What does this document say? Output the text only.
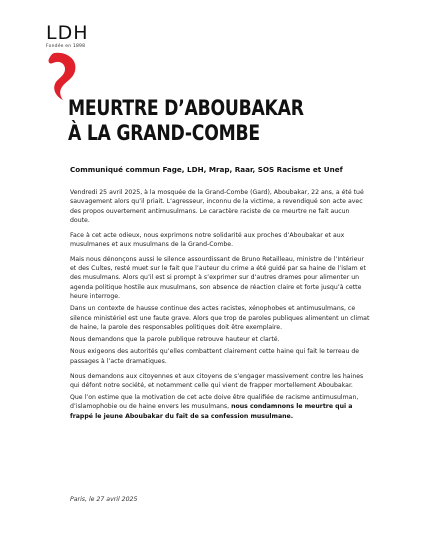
LDH
Fondée en 1898
MEURTRE D’ABOUBAKAR
À LA GRAND-COMBE
Communiqué commun Fage, LDH, Mrap, Raar, SOS Racisme et Unef

Vendredi 25 avril 2025, à la mosquée de la Grand-Combe (Gard), Aboubakar, 22 ans, a été tué sauvagement alors qu’il priait. L’agresseur, inconnu de la victime, a revendiqué son acte avec des propos ouvertement antimusulmans. Le caractère raciste de ce meurtre ne fait aucun doute.

Face à cet acte odieux, nous exprimons notre solidarité aux proches d’Aboubakar et aux musulmanes et aux musulmans de la Grand-Combe.

Mais nous dénonçons aussi le silence assourdissant de Bruno Retailleau, ministre de l’Intérieur et des Cultes, resté muet sur le fait que l’auteur du crime a été guidé par sa haine de l’islam et des musulmans. Alors qu’il est si prompt à s’exprimer sur d’autres drames pour alimenter un agenda politique hostile aux musulmans, son absence de réaction claire et forte jusqu’à cette heure interroge.

Dans un contexte de hausse continue des actes racistes, xénophobes et antimusulmans, ce silence ministériel est une faute grave. Alors que trop de paroles publiques alimentent un climat de haine, la parole des responsables politiques doit être exemplaire.

Nous demandons que la parole publique retrouve hauteur et clarté.

Nous exigeons des autorités qu’elles combattent clairement cette haine qui fait le terreau de passages à l’acte dramatiques.

Nous demandons aux citoyennes et aux citoyens de s’engager massivement contre les haines qui défont notre société, et notamment celle qui vient de frapper mortellement Aboubakar.

Que l’on estime que la motivation de cet acte doive être qualifiée de racisme antimusulman, d’islamophobie ou de haine envers les musulmans, nous condamnons le meurtre qui a frappé le jeune Aboubakar du fait de sa confession musulmane.

Paris, le 27 avril 2025
